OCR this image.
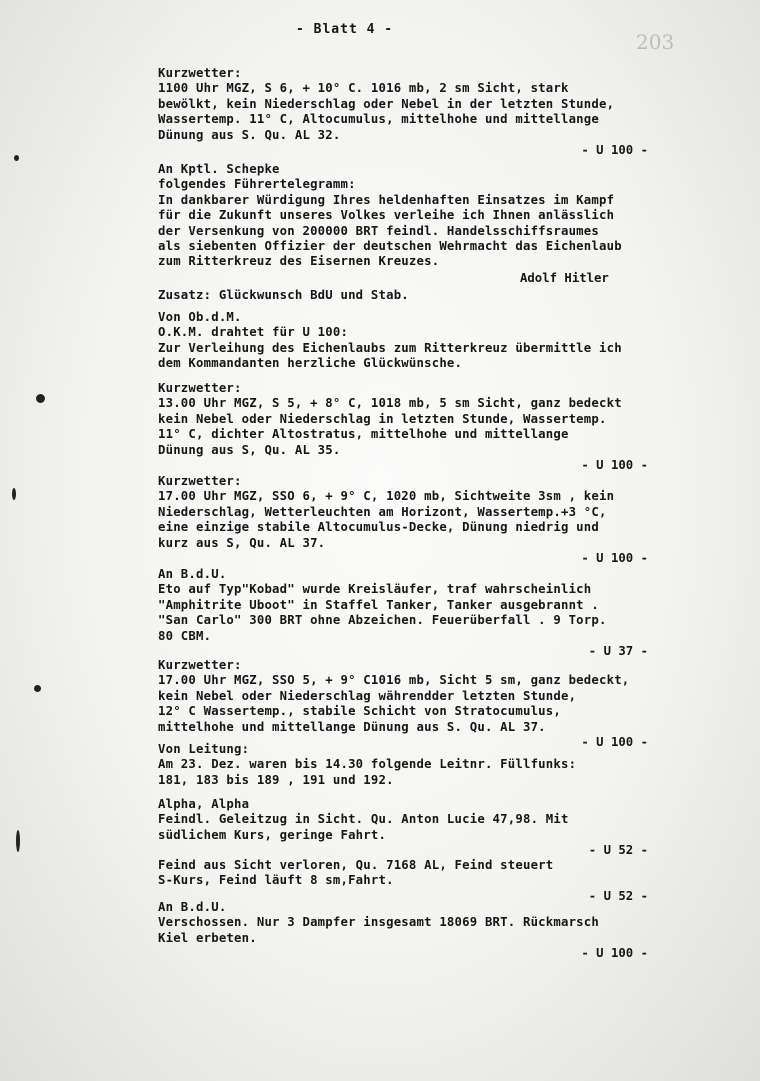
- Blatt 4 -
203
Kurzwetter:
1100 Uhr MGZ, S 6, + 10° C. 1016 mb, 2 sm Sicht, stark
bewölkt, kein Niederschlag oder Nebel in der letzten Stunde,
Wassertemp. 11° C, Altocumulus, mittelhohe und mittellange
Dünung aus S. Qu. AL 32.
- U 100 -
An Kptl. Schepke
folgendes Führertelegramm:
In dankbarer Würdigung Ihres heldenhaften Einsatzes im Kampf
für die Zukunft unseres Volkes verleihe ich Ihnen anlässlich
der Versenkung von 200000 BRT feindl. Handelsschiffsraumes
als siebenten Offizier der deutschen Wehrmacht das Eichenlaub
zum Ritterkreuz des Eisernen Kreuzes.
Zusatz: Glückwunsch BdU und Stab.
Von Ob.d.M.
O.K.M. drahtet für U 100:
Zur Verleihung des Eichenlaubs zum Ritterkreuz übermittle ich
dem Kommandanten herzliche Glückwünsche.
Kurzwetter:
13.00 Uhr MGZ, S 5, + 8° C, 1018 mb, 5 sm Sicht, ganz bedeckt
kein Nebel oder Niederschlag in letzten Stunde, Wassertemp.
11° C, dichter Altostratus, mittelhohe und mittellange
Dünung aus S, Qu. AL 35.
- U 100 -
Kurzwetter:
17.00 Uhr MGZ, SSO 6, + 9° C, 1020 mb, Sichtweite 3sm , kein
Niederschlag, Wetterleuchten am Horizont, Wassertemp.+3 °C,
eine einzige stabile Altocumulus-Decke, Dünung niedrig und
kurz aus S, Qu. AL 37.
- U 100 -
An B.d.U.
Eto auf Typ"Kobad" wurde Kreisläufer, traf wahrscheinlich
"Amphitrite Uboot" in Staffel Tanker, Tanker ausgebrannt .
"San Carlo" 300 BRT ohne Abzeichen. Feuerüberfall . 9 Torp.
80 CBM.
- U 37 -
Kurzwetter:
17.00 Uhr MGZ, SSO 5, + 9° C1016 mb, Sicht 5 sm, ganz bedeckt,
kein Nebel oder Niederschlag währendder letzten Stunde,
12° C Wassertemp., stabile Schicht von Stratocumulus,
mittelhohe und mittellange Dünung aus S. Qu. AL 37.
- U 100 -
Von Leitung:
Am 23. Dez. waren bis 14.30 folgende Leitnr. Füllfunks:
181, 183 bis 189 , 191 und 192.
Alpha, Alpha
Feindl. Geleitzug in Sicht. Qu. Anton Lucie 47,98. Mit
südlichem Kurs, geringe Fahrt.
- U 52 -
Feind aus Sicht verloren, Qu. 7168 AL, Feind steuert
S-Kurs, Feind läuft 8 sm,Fahrt.
- U 52 -
An B.d.U.
Verschossen. Nur 3 Dampfer insgesamt 18069 BRT. Rückmarsch
Kiel erbeten.
- U 100 -
Adolf Hitler
